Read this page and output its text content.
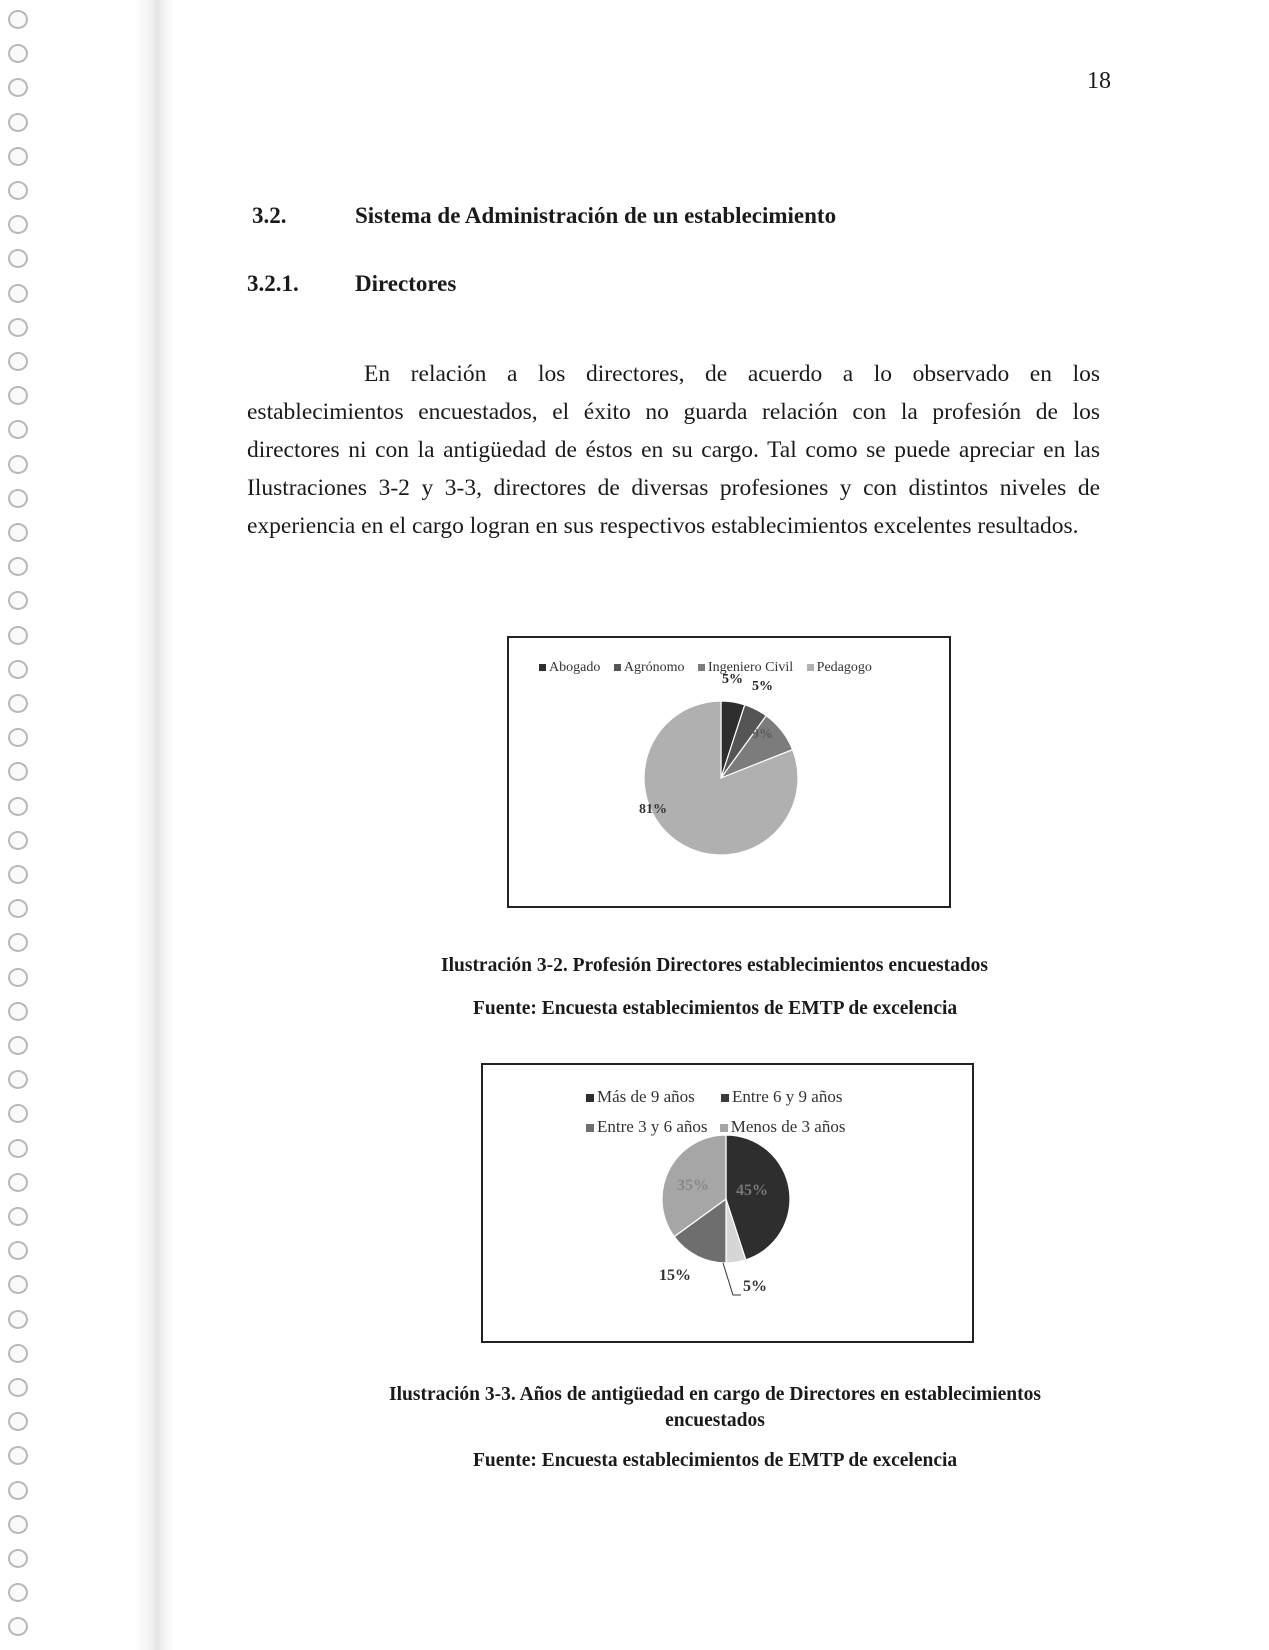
18
3.2.	Sistema de Administración de un establecimiento
3.2.1. Directores

En relación a los directores, de acuerdo a lo observado en los establecimientos encuestados, el éxito no guarda relación con la profesión de los directores ni con la antigüedad de éstos en su cargo. Tal como se puede apreciar en las Ilustraciones 3-2 y 3-3, directores de diversas profesiones y con distintos niveles de experiencia en el cargo logran en sus respectivos establecimientos excelentes resultados.

Abogado Agrónomo Ingeniero Civil Pedagogo
5% 5%
9%
81%
Ilustración 3-2. Profesión Directores establecimientos encuestados
Fuente: Encuesta establecimientos de EMTP de excelencia
Más de 9 años Entre 6 y 9 años
Entre 3 y 6 años Menos de 3 años
45%
5%
15%
35%
Ilustración 3-3. Años de antigüedad en cargo de Directores en establecimientos encuestados
Fuente: Encuesta establecimientos de EMTP de excelencia
